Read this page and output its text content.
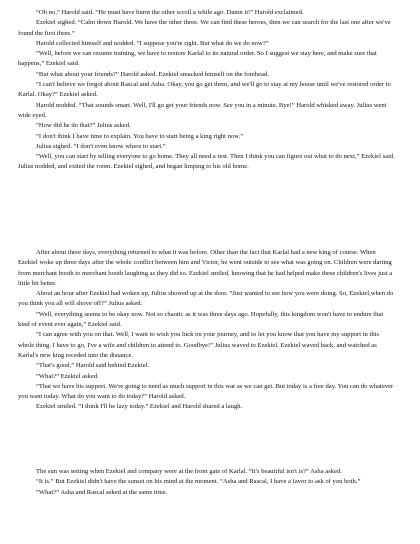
“Oh no,” Harold said. “He must have burnt the other scroll a while ago. Damn it!” Harold exclaimed.

Ezekiel sighed. “Calm down Harold. We have the other three. We can find these heroes, then we can search for the last one after we've found the first three.”

Harold collected himself and nodded. “I suppose you're right. But what do we do now?”

“Well, before we can resume training, we have to restore Karlal to its natural order. So I suggest we stay here, and make sure that happens,” Ezekiel said.

“But what about your friends?” Harold asked. Ezekiel smacked himself on the forehead.

“I can't believe we forgot about Rascal and Asha. Okay, you go get them, and we'll go to stay at my house until we've restored order to Karlal. Okay?” Ezekiel asked.

Harold nodded. “That sounds smart. Well, I'll go get your friends now. See you in a minute. Bye!” Harold whisked away. Julius went wide eyed.

“How did he do that?” Julius asked.

“I don't think I have time to explain. You have to start being a king right now.”

Julius sighed. “I don't even know where to start.”

“Well, you can start by telling everyone to go home. They all need a rest. Then I think you can figure out what to do next,” Ezekiel said. Julius nodded, and exited the room. Ezekiel sighed, and began limping to his old home.

After about three days, everything returned to what it was before. Other than the fact that Karlal had a new king of course. When Ezekiel woke up three days after the whole conflict between him and Victor, he went outside to see what was going on. Children were darting from merchant booth to merchant booth laughing as they did so. Ezekiel smiled, knowing that he had helped make these children's lives just a little bit better.

About an hour after Ezekiel had woken up, Julius showed up at the door. “Just wanted to see how you were doing. So, Ezekiel,when do you think you all will shove off?” Julius asked.

“Well, everything seems to be okay now. Not so chaotic as it was three days ago. Hopefully, this kingdom won't have to endure that kind of event ever again,” Ezekiel said.

“I can agree with you on that. Well, I want to wish you luck on your journey, and to let you know that you have my support in this whole thing. I have to go, I've a wife and children to attend to. Goodbye!” Julius waved to Ezekiel. Ezekiel waved back, and watched as Karlal's new king receded into the distance.

“That's good,” Harold said behind Ezekiel.

“What?” Ezekiel asked.

“That we have his support. We're going to need as much support in this war as we can get. But today is a free day. You can do whatever you want today. What do you want to do today?” Harold asked.

Ezekiel smiled. “I think I'll be lazy today.” Ezekiel and Harold shared a laugh.

The sun was setting when Ezekiel and company were at the front gate of Karlal. “It's beautiful isn't is?” Asha asked.

“It is.” But Ezekiel didn't have the sunset on his mind at the moment. “Asha and Rascal, I have a favor to ask of you both.”

“What?” Asha and Rascal asked at the same time.
